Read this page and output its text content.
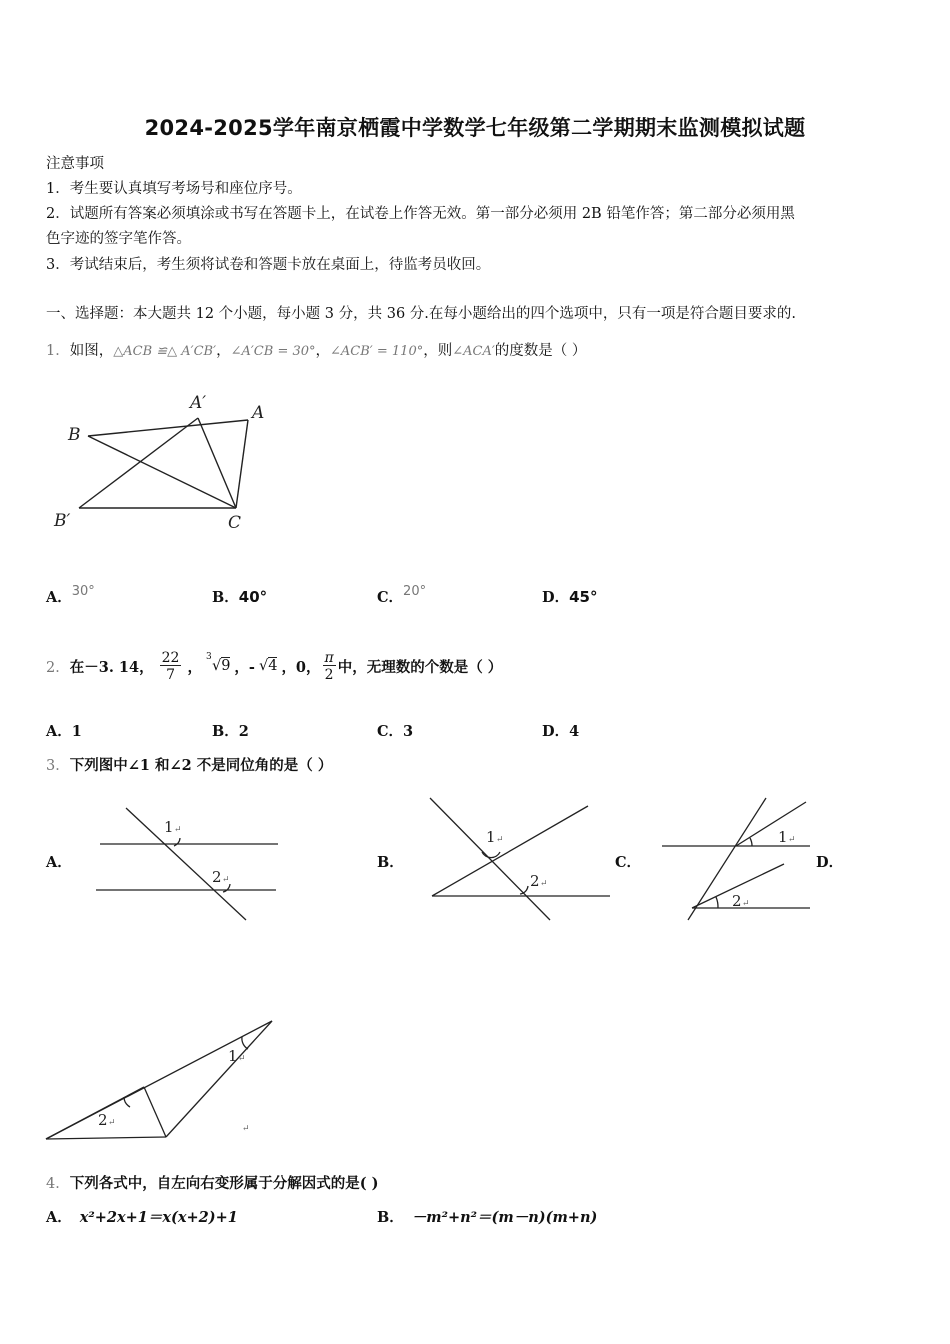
2024-2025学年南京栖霞中学数学七年级第二学期期末监测模拟试题
注意事项
1．考生要认真填写考场号和座位序号。
2．试题所有答案必须填涂或书写在答题卡上，在试卷上作答无效。第一部分必须用 2B 铅笔作答；第二部分必须用黑
色字迹的签字笔作答。
3．考试结束后，考生须将试卷和答题卡放在桌面上，待监考员收回。
一、选择题：本大题共 12 个小题，每小题 3 分，共 36 分.在每小题给出的四个选项中，只有一项是符合题目要求的.
1．如图，△ACB ≌△ A′CB′，∠A′CB = 30°，∠ACB′ = 110°，则∠ACA′的度数是（ ）
B
A′	A
B′	C
A．30°	B．40°	C．20°	D．45°
2． 在－3. 14， $\frac{22}{7}$ ，
3
√9 ，- √4 ，0， $\frac{\pi}{2}$ 中，无理数的个数是（ ）
A．1	B．2	C．3	D．4
3．下列图中∠1 和∠2 不是同位角的是（ ）
A．	B．	C．	D．
1 ↵
2 ↵
1 ↵
2 ↵
1 ↵
2 ↵
1 ↵
2 ↵
↵
4．下列各式中，自左向右变形属于分解因式的是( )
A． x²+2x+1＝x(x+2)+1	B． －m²+n²＝(m－n)(m+n)
